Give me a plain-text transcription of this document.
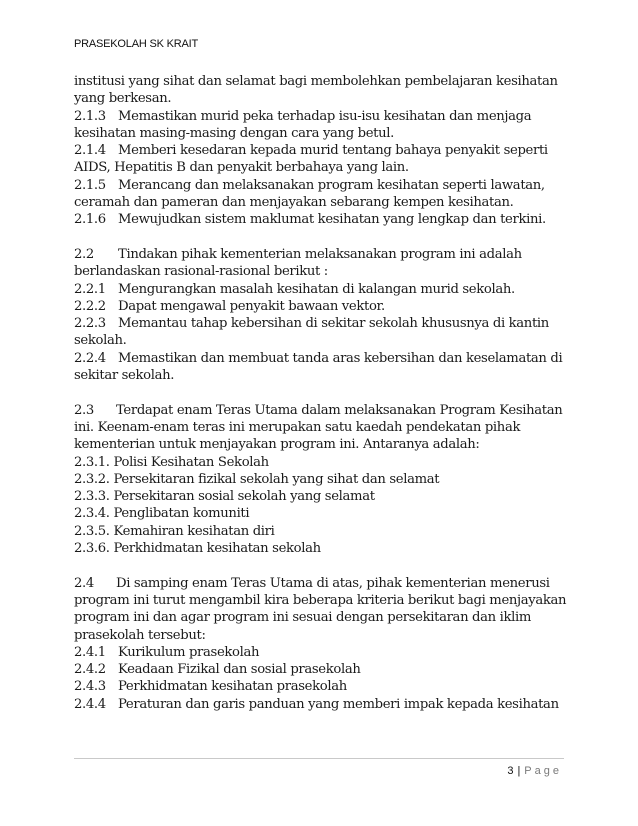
PRASEKOLAH SK KRAIT

institusi yang sihat dan selamat bagi membolehkan pembelajaran kesihatan

yang berkesan.

2.1.3 Memastikan murid peka terhadap isu-isu kesihatan dan menjaga

kesihatan masing-masing dengan cara yang betul.

2.1.4 Memberi kesedaran kepada murid tentang bahaya penyakit seperti

AIDS, Hepatitis B dan penyakit berbahaya yang lain.

2.1.5 Merancang dan melaksanakan program kesihatan seperti lawatan,

ceramah dan pameran dan menjayakan sebarang kempen kesihatan.

2.1.6 Mewujudkan sistem maklumat kesihatan yang lengkap dan terkini.

2.2 Tindakan pihak kementerian melaksanakan program ini adalah

berlandaskan rasional-rasional berikut :

2.2.1 Mengurangkan masalah kesihatan di kalangan murid sekolah.

2.2.2 Dapat mengawal penyakit bawaan vektor.

2.2.3 Memantau tahap kebersihan di sekitar sekolah khususnya di kantin

sekolah.

2.2.4 Memastikan dan membuat tanda aras kebersihan dan keselamatan di

sekitar sekolah.

2.3 Terdapat enam Teras Utama dalam melaksanakan Program Kesihatan

ini. Keenam-enam teras ini merupakan satu kaedah pendekatan pihak

kementerian untuk menjayakan program ini. Antaranya adalah:

2.3.1. Polisi Kesihatan Sekolah

2.3.2. Persekitaran fizikal sekolah yang sihat dan selamat

2.3.3. Persekitaran sosial sekolah yang selamat

2.3.4. Penglibatan komuniti

2.3.5. Kemahiran kesihatan diri

2.3.6. Perkhidmatan kesihatan sekolah

2.4 Di samping enam Teras Utama di atas, pihak kementerian menerusi

program ini turut mengambil kira beberapa kriteria berikut bagi menjayakan

program ini dan agar program ini sesuai dengan persekitaran dan iklim

prasekolah tersebut:

2.4.1 Kurikulum prasekolah

2.4.2 Keadaan Fizikal dan sosial prasekolah

2.4.3 Perkhidmatan kesihatan prasekolah

2.4.4 Peraturan dan garis panduan yang memberi impak kepada kesihatan

3 | Page
